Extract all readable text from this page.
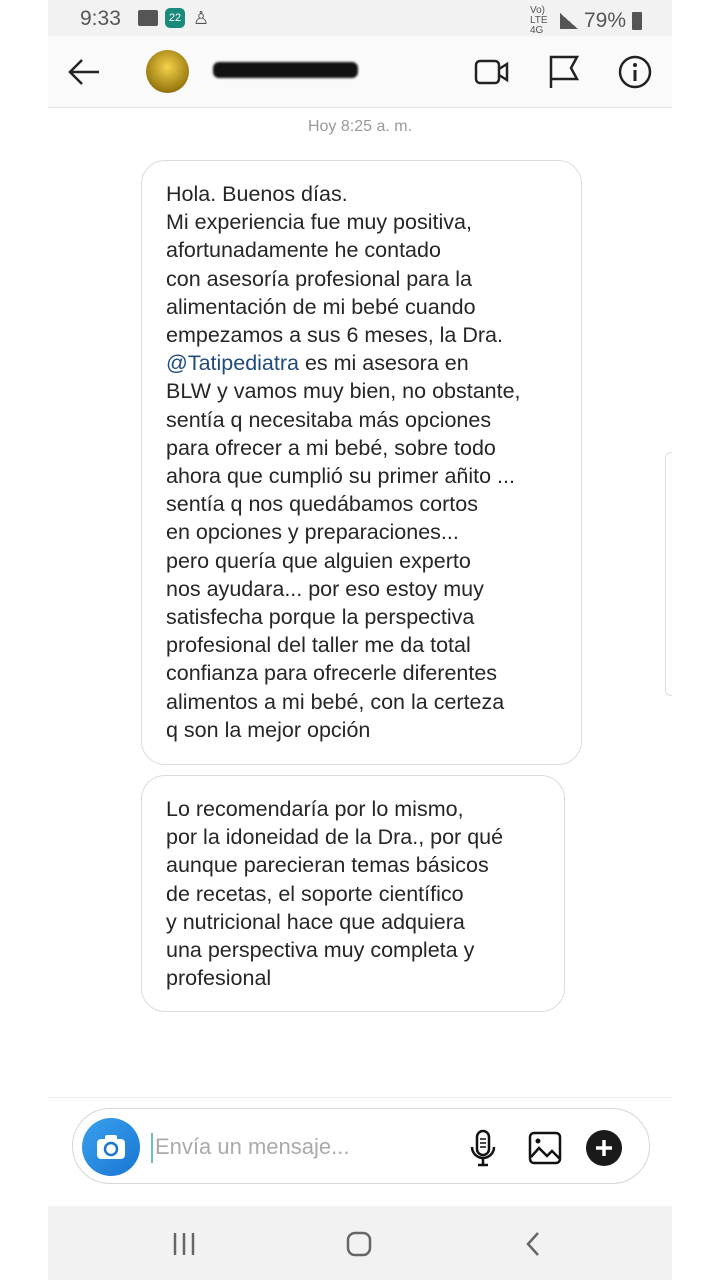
9:33	22 ♙	Vo) LTE 4G	79%
Hoy 8:25 a. m.
Hola. Buenos días.
Mi experiencia fue muy positiva,
afortunadamente he contado
con asesoría profesional para la
alimentación de mi bebé cuando
empezamos a sus 6 meses, la Dra.
@Tatipediatra es mi asesora en
BLW y vamos muy bien, no obstante,
sentía q necesitaba más opciones
para ofrecer a mi bebé, sobre todo
ahora que cumplió su primer añito ...
sentía q nos quedábamos cortos
en opciones y preparaciones...
pero quería que alguien experto
nos ayudara... por eso estoy muy
satisfecha porque la perspectiva
profesional del taller me da total
confianza para ofrecerle diferentes
alimentos a mi bebé, con la certeza
q son la mejor opción
Lo recomendaría por lo mismo,
por la idoneidad de la Dra., por qué
aunque parecieran temas básicos
de recetas, el soporte científico
y nutricional hace que adquiera
una perspectiva muy completa y
profesional
Envía un mensaje...
